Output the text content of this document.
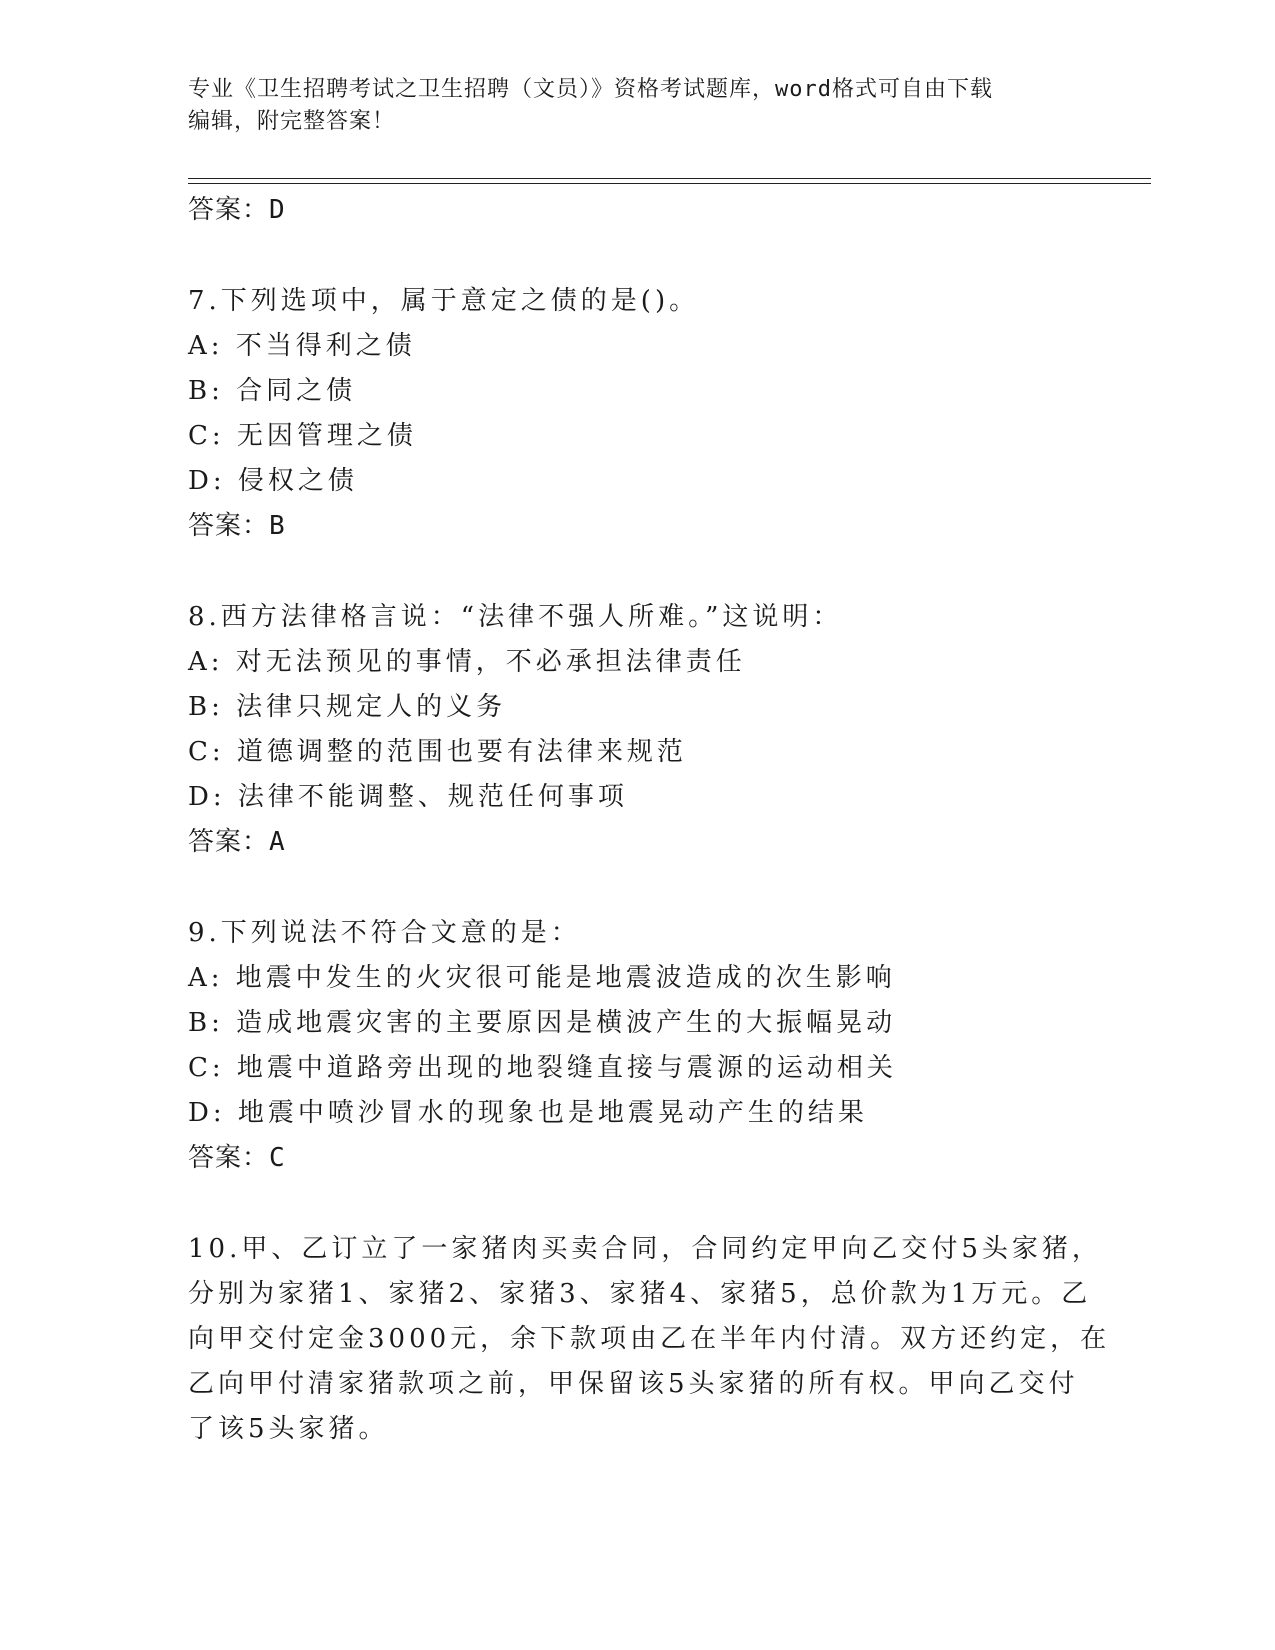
专业《卫生招聘考试之卫生招聘（文员）》资格考试题库，word格式可自由下载
编辑，附完整答案！
答案：D
7.下列选项中，属于意定之债的是()。
A: 不当得利之债
B: 合同之债
C: 无因管理之债
D: 侵权之债
答案：B
8.西方法律格言说：“法律不强人所难。”这说明：
A: 对无法预见的事情，不必承担法律责任
B: 法律只规定人的义务
C: 道德调整的范围也要有法律来规范
D: 法律不能调整、规范任何事项
答案：A
9.下列说法不符合文意的是：
A: 地震中发生的火灾很可能是地震波造成的次生影响
B: 造成地震灾害的主要原因是横波产生的大振幅晃动
C: 地震中道路旁出现的地裂缝直接与震源的运动相关
D: 地震中喷沙冒水的现象也是地震晃动产生的结果
答案：C
10.甲、乙订立了一家猪肉买卖合同，合同约定甲向乙交付5头家猪，
分别为家猪1、家猪2、家猪3、家猪4、家猪5，总价款为1万元。乙
向甲交付定金3000元，余下款项由乙在半年内付清。双方还约定，在
乙向甲付清家猪款项之前，甲保留该5头家猪的所有权。甲向乙交付
了该5头家猪。
